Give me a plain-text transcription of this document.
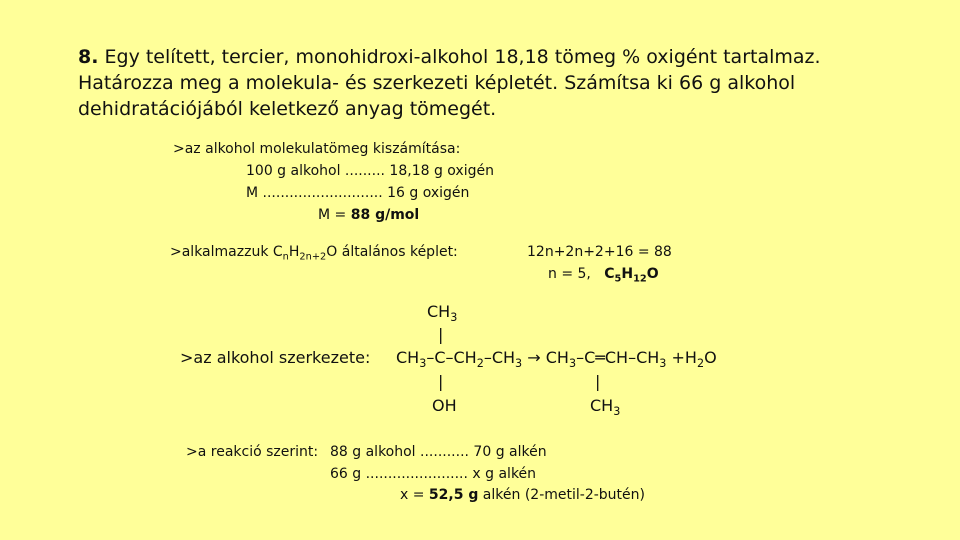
8. Egy telített, tercier, monohidroxi-alkohol 18,18 tömeg % oxigént tartalmaz.
Határozza meg a molekula- és szerkezeti képletét. Számítsa ki 66 g alkohol
dehidratációjából keletkező anyag tömegét.
>az alkohol molekulatömeg kiszámítása:
100 g alkohol ......... 18,18 g oxigén
M ........................... 16 g oxigén
M = 88 g/mol
>alkalmazzuk $C_nH_{2n+2}O$ általános képlet:	12n+2n+2+16 = 88
n = 5, $C_5H_{12}O$
$CH_3$
|
>az alkohol szerkezete: $CH_3-C-CH_2-CH_3$ → $CH_3-C═CH-CH_3 +H_2O$
|	|
OH	$CH_3$
>a reakció szerint: 88 g alkohol ........... 70 g alkén
66 g ....................... x g alkén
x = 52,5 g alkén (2-metil-2-butén)
